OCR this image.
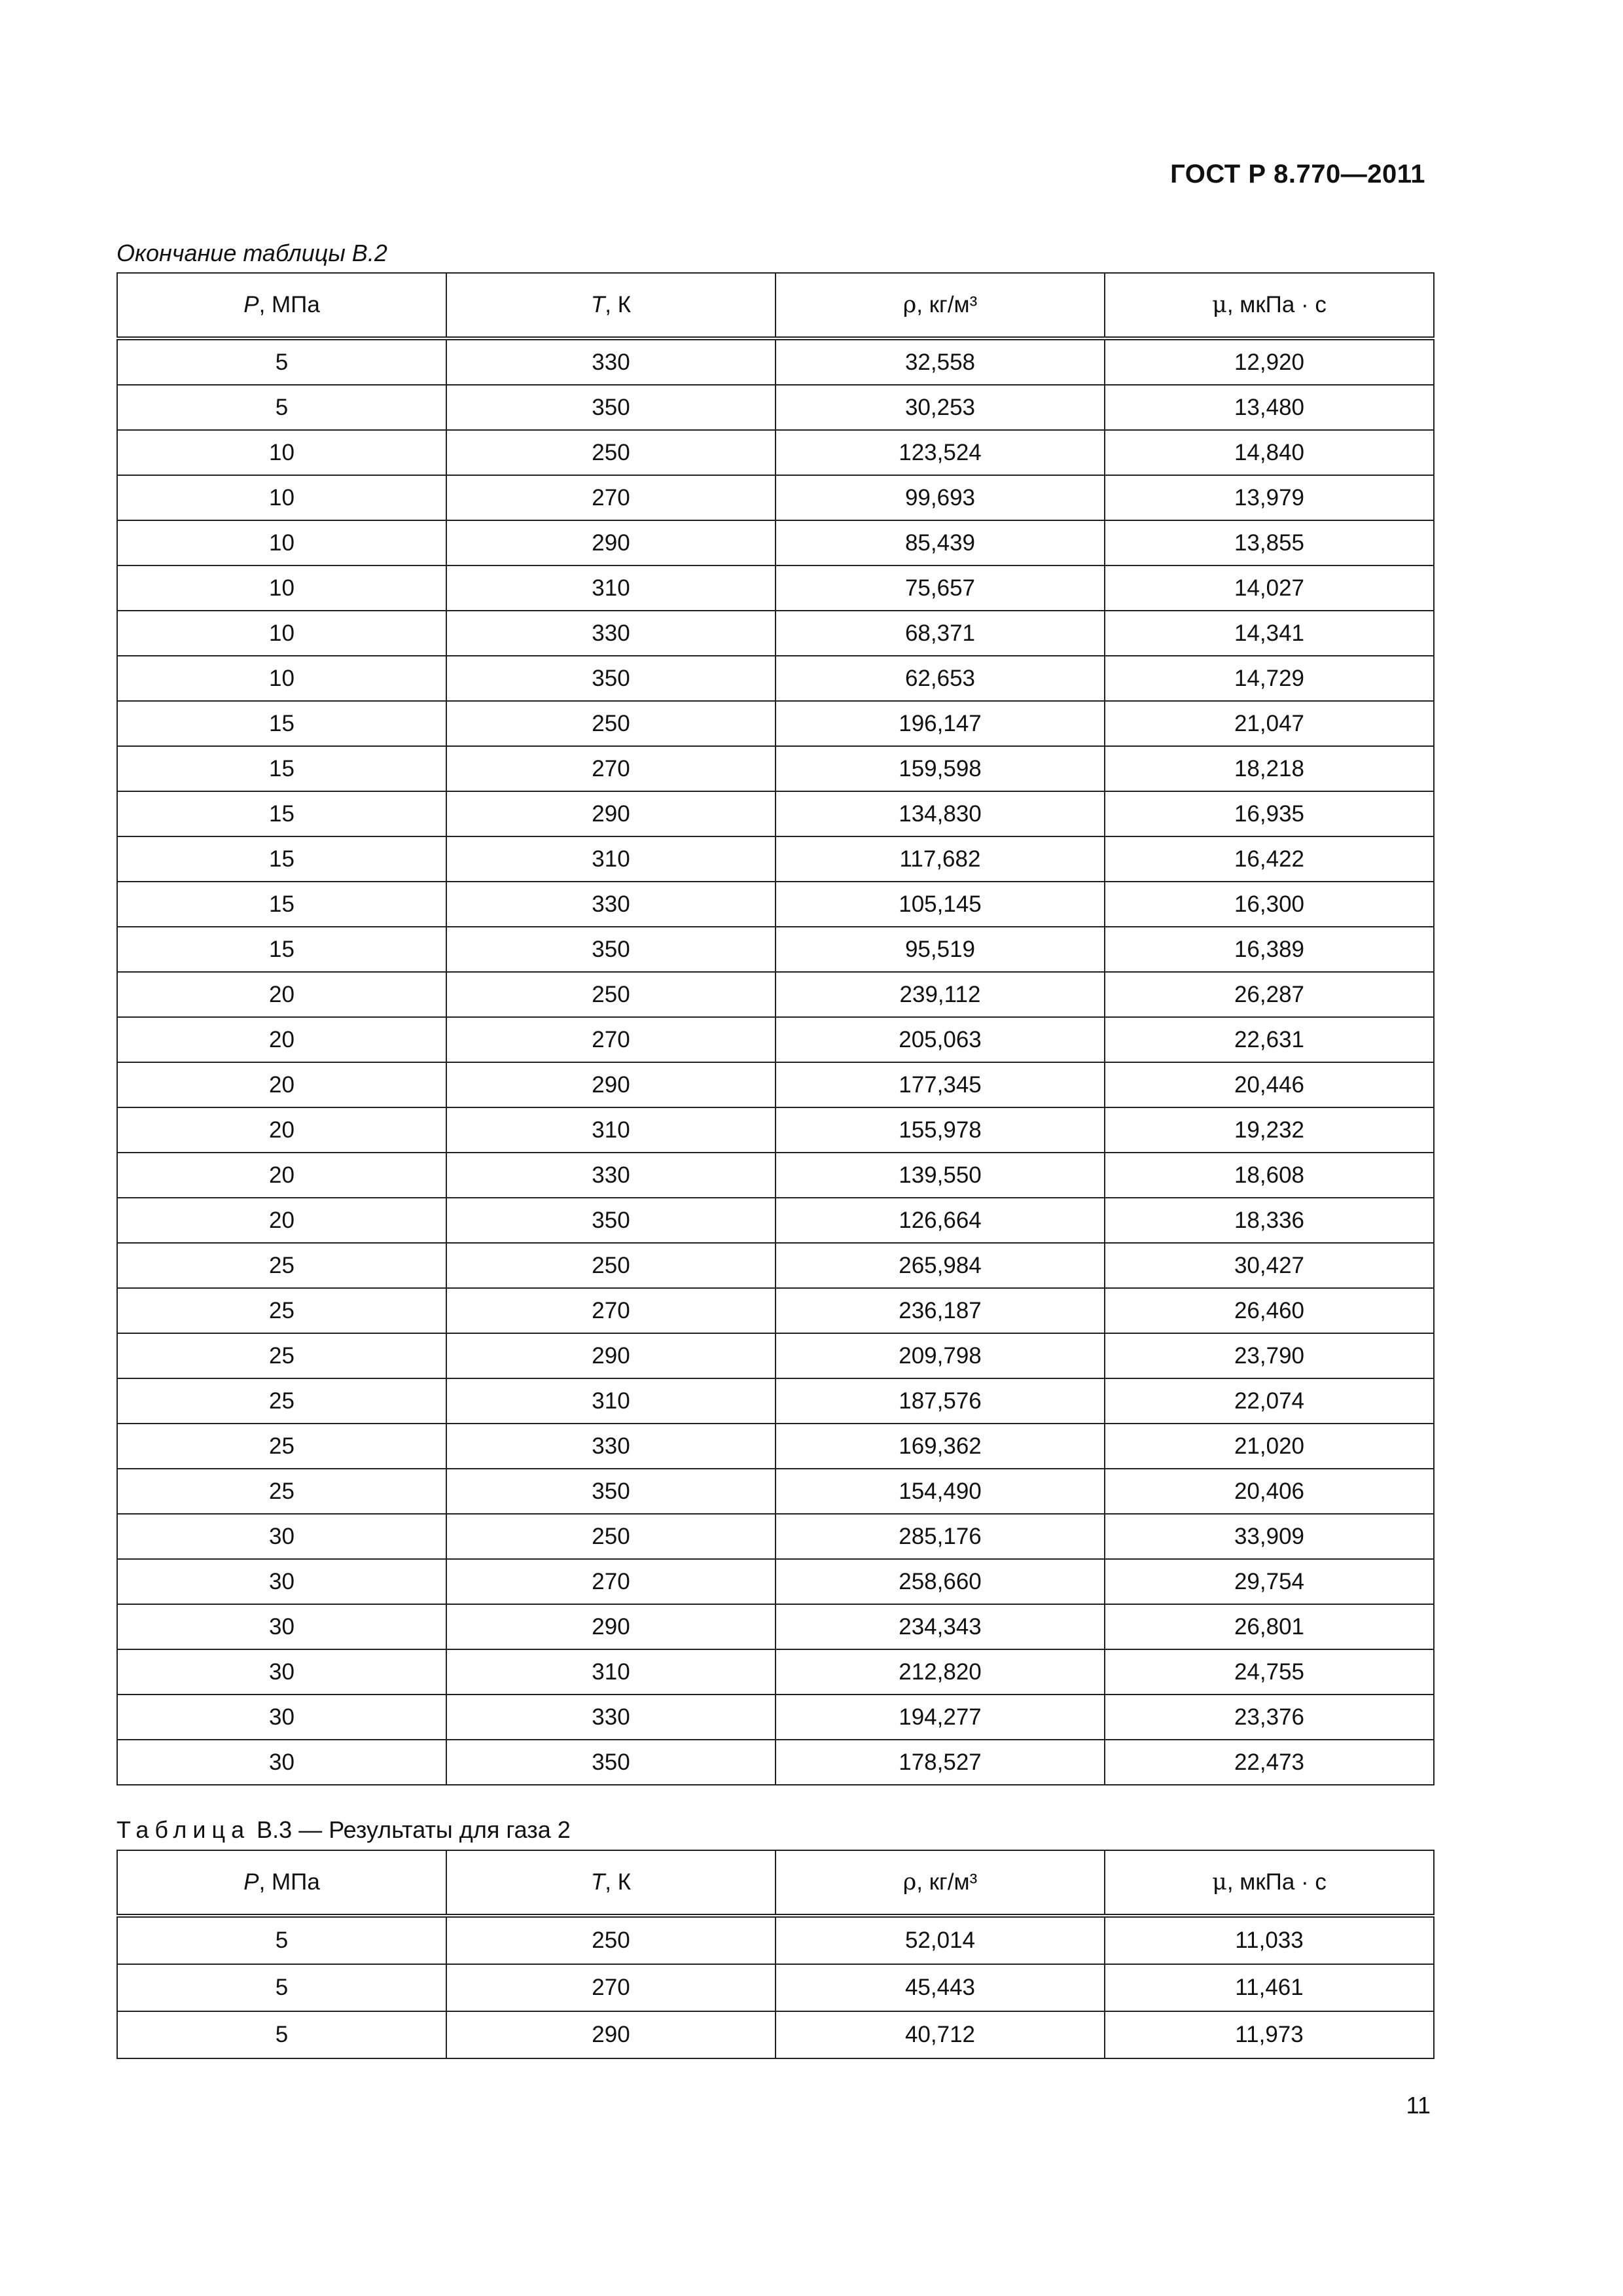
ГОСТ Р 8.770—2011
Окончание таблицы В.2
P, МПа	T, К	ρ, кг/м³	μ, мкПа · с
5	330	32,558	12,920
5	350	30,253	13,480
10	250	123,524	14,840
10	270	99,693	13,979
10	290	85,439	13,855
10	310	75,657	14,027
10	330	68,371	14,341
10	350	62,653	14,729
15	250	196,147	21,047
15	270	159,598	18,218
15	290	134,830	16,935
15	310	117,682	16,422
15	330	105,145	16,300
15	350	95,519	16,389
20	250	239,112	26,287
20	270	205,063	22,631
20	290	177,345	20,446
20	310	155,978	19,232
20	330	139,550	18,608
20	350	126,664	18,336
25	250	265,984	30,427
25	270	236,187	26,460
25	290	209,798	23,790
25	310	187,576	22,074
25	330	169,362	21,020
25	350	154,490	20,406
30	250	285,176	33,909
30	270	258,660	29,754
30	290	234,343	26,801
30	310	212,820	24,755
30	330	194,277	23,376
30	350	178,527	22,473
Таблица В.3 — Результаты для газа 2
P, МПа	T, К	ρ, кг/м³	μ, мкПа · с
5	250	52,014	11,033
5	270	45,443	11,461
5	290	40,712	11,973
11
